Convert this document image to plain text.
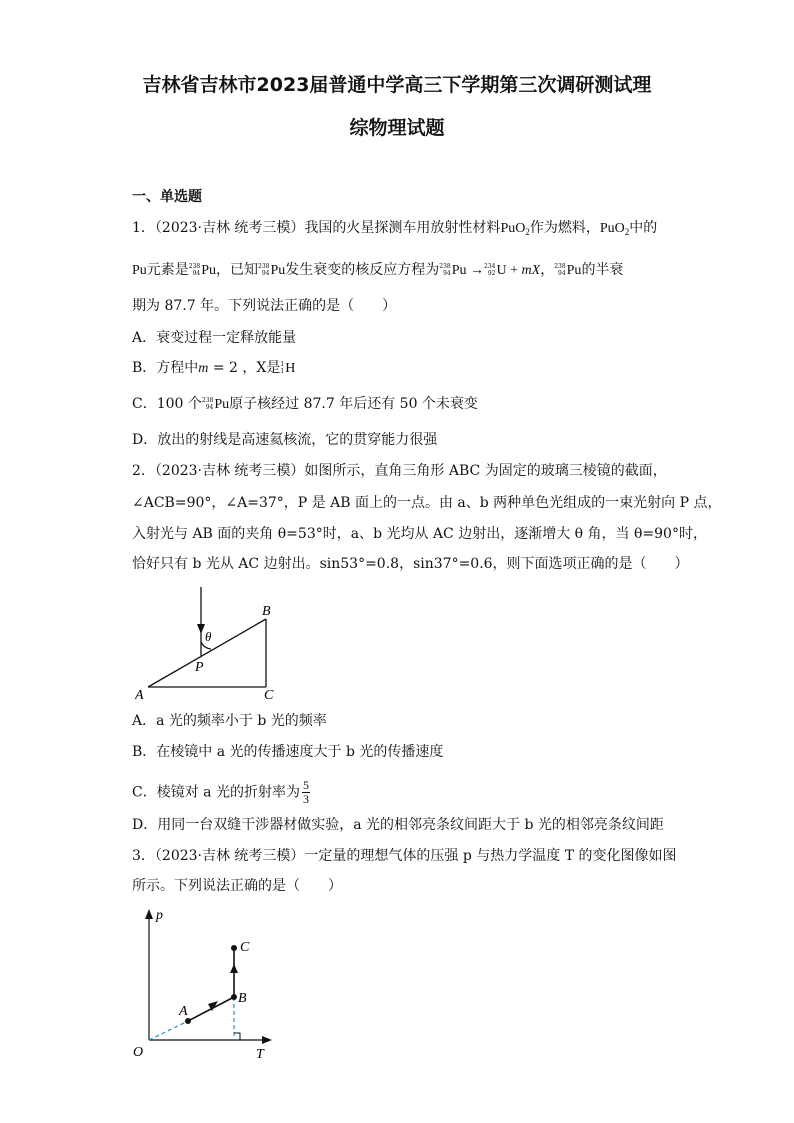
吉林省吉林市2023届普通中学高三下学期第三次调研测试理
综物理试题
一、单选题
1．（2023·吉林 统考三模）我国的火星探测车用放射性材料PuO$_2$作为燃料，PuO$_2$中的
Pu元素是 238
94 Pu，已知 238
94 Pu发生衰变的核反应方程为 238
94 Pu → 234
92 U + mX， 238
94 Pu的半衰
期为 87.7 年。下列说法正确的是（　　）
A．衰变过程一定释放能量
B．方程中m = 2 ，X是 1
1 H
C．100 个 238
94 Pu原子核经过 87.7 年后还有 50 个未衰变
D．放出的射线是高速氦核流，它的贯穿能力很强
2．（2023·吉林 统考三模）如图所示，直角三角形 ABC 为固定的玻璃三棱镜的截面，
∠ACB=90°，∠A=37°，P 是 AB 面上的一点。由 a、b 两种单色光组成的一束光射向 P 点，
入射光与 AB 面的夹角 θ=53°时，a、b 光均从 AC 边射出，逐渐增大 θ 角，当 θ=90°时，
恰好只有 b 光从 AC 边射出。sin53°=0.8，sin37°=0.6，则下面选项正确的是（　　）
B
θ
P
A	C
A．a 光的频率小于 b 光的频率
B．在棱镜中 a 光的传播速度大于 b 光的传播速度
C．棱镜对 a 光的折射率为 $\frac{5}{3}$
D．用同一台双缝干涉器材做实验，a 光的相邻亮条纹间距大于 b 光的相邻亮条纹间距
3．（2023·吉林 统考三模）一定量的理想气体的压强 p 与热力学温度 T 的变化图像如图
所示。下列说法正确的是（　　）
p
C
B
A
O	T
